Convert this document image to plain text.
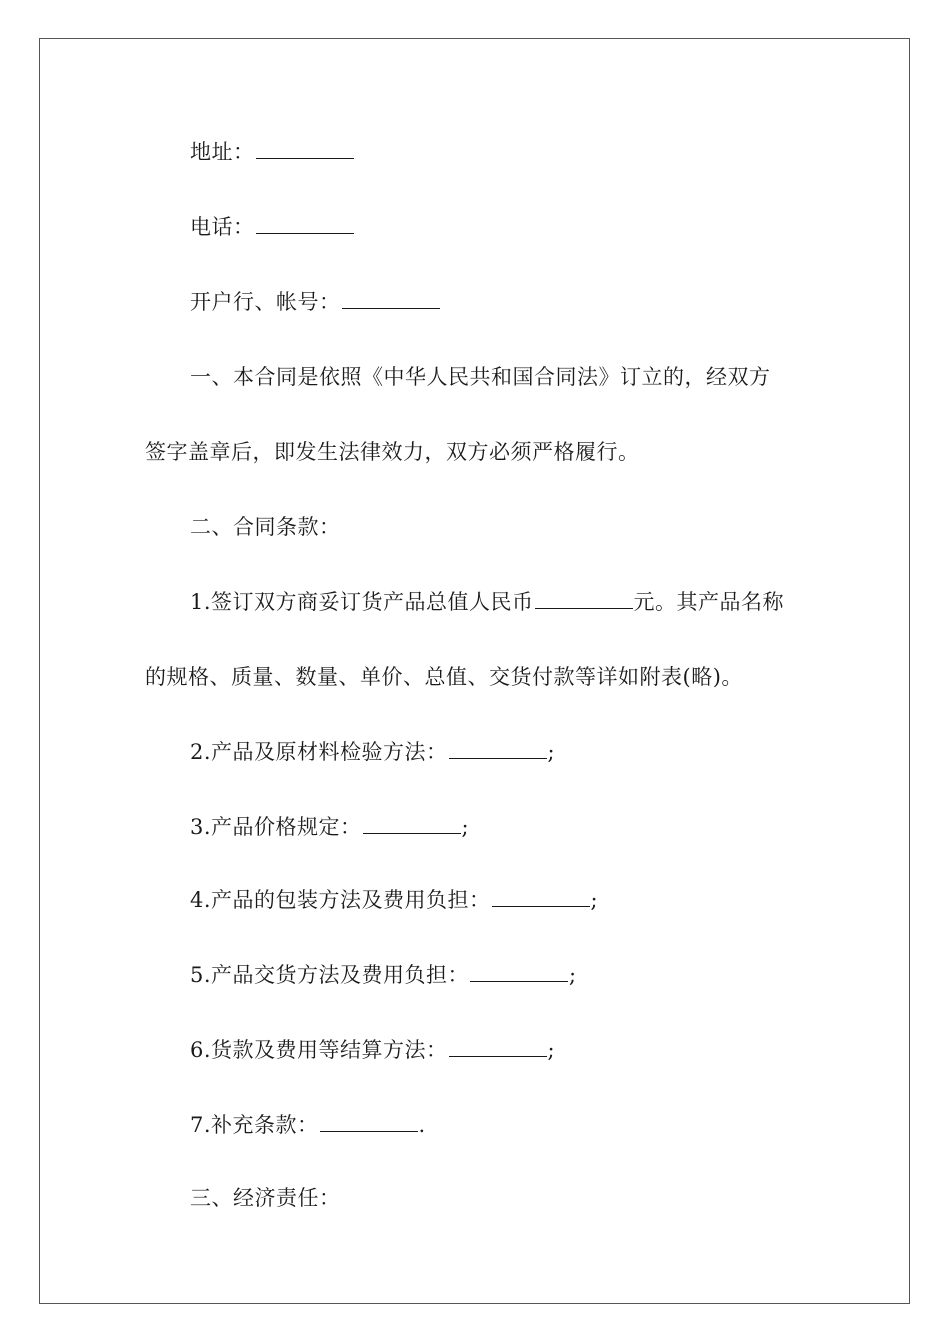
地址：
电话：
开户行、帐号：
一、本合同是依照《中华人民共和国合同法》订立的，经双方
签字盖章后，即发生法律效力，双方必须严格履行。
二、合同条款：
1.签订双方商妥订货产品总值人民币	元。其产品名称
的规格、质量、数量、单价、总值、交货付款等详如附表(略)。
2.产品及原材料检验方法：	;
3.产品价格规定：	;
4.产品的包装方法及费用负担：	;
5.产品交货方法及费用负担：	;
6.货款及费用等结算方法：	;
7.补充条款：	.
三、经济责任：
